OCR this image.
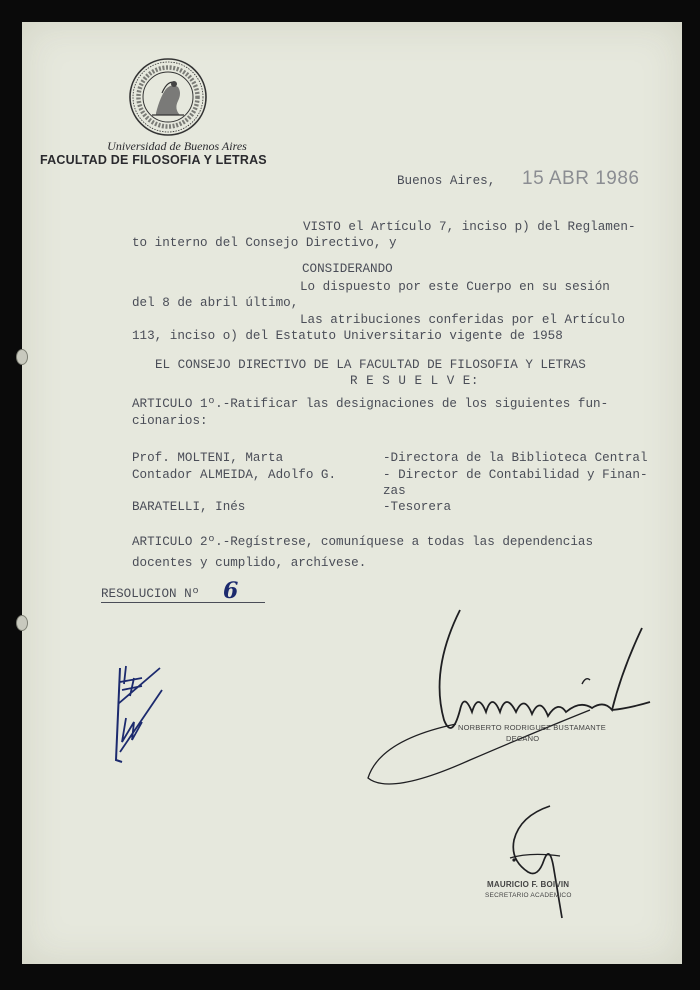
Universidad de Buenos Aires
FACULTAD DE FILOSOFIA Y LETRAS
Buenos Aires, 15 ABR 1986
VISTO el Artículo 7, inciso p) del Reglamen-
to interno del Consejo Directivo, y
CONSIDERANDO
Lo dispuesto por este Cuerpo en su sesión
del 8 de abril último,
Las atribuciones conferidas por el Artículo
113, inciso o) del Estatuto Universitario vigente de 1958
EL CONSEJO DIRECTIVO DE LA FACULTAD DE FILOSOFIA Y LETRAS
R E S U E L V E:
ARTICULO 1º.-Ratificar las designaciones de los siguientes fun-
cionarios:
Prof. MOLTENI, Marta	-Directora de la Biblioteca Central
Contador ALMEIDA, Adolfo G.	- Director de Contabilidad y Finan-
zas
BARATELLI, Inés	-Tesorera
ARTICULO 2º.-Regístrese, comuníquese a todas las dependencias
docentes y cumplido, archívese.
RESOLUCION Nº	6
NORBERTO RODRIGUEZ BUSTAMANTE
DECANO
MAURICIO F. BOIVIN
SECRETARIO ACADEMICO
